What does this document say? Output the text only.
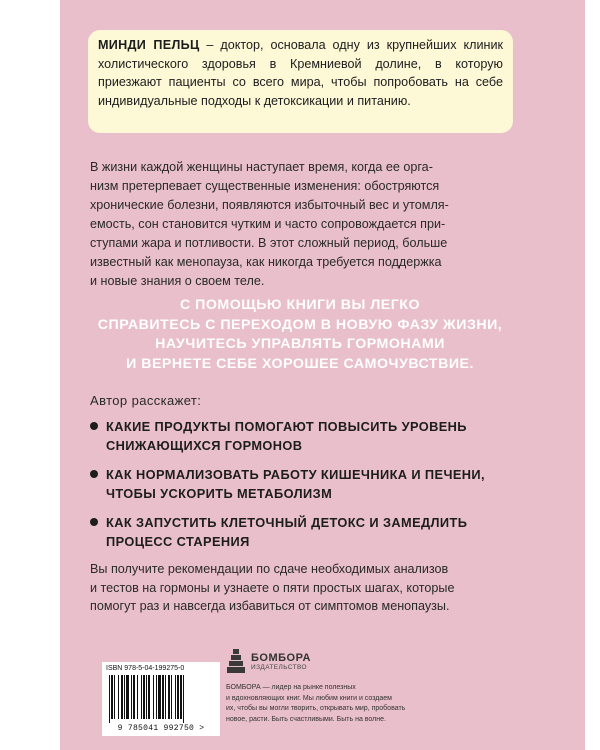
МИНДИ ПЕЛЬЦ – доктор, основала одну из крупнейших клиник холистического здоровья в Кремниевой долине, в которую приезжают пациенты со всего мира, чтобы попробовать на себе индивидуальные подходы к детоксикации и питанию.
В жизни каждой женщины наступает время, когда ее орга-
низм претерпевает существенные изменения: обостряются
хронические болезни, появляются избыточный вес и утомля-
емость, сон становится чутким и часто сопровождается при-
ступами жара и потливости. В этот сложный период, больше
известный как менопауза, как никогда требуется поддержка
и новые знания о своем теле.
С ПОМОЩЬЮ КНИГИ ВЫ ЛЕГКО
СПРАВИТЕСЬ С ПЕРЕХОДОМ В НОВУЮ ФАЗУ ЖИЗНИ,
НАУЧИТЕСЬ УПРАВЛЯТЬ ГОРМОНАМИ
И ВЕРНЕТЕ СЕБЕ ХОРОШЕЕ САМОЧУВСТВИЕ.
Автор расскажет:
КАКИЕ ПРОДУКТЫ ПОМОГАЮТ ПОВЫСИТЬ УРОВЕНЬ
СНИЖАЮЩИХСЯ ГОРМОНОВ
КАК НОРМАЛИЗОВАТЬ РАБОТУ КИШЕЧНИКА И ПЕЧЕНИ,
ЧТОБЫ УСКОРИТЬ МЕТАБОЛИЗМ
КАК ЗАПУСТИТЬ КЛЕТОЧНЫЙ ДЕТОКС И ЗАМЕДЛИТЬ
ПРОЦЕСС СТАРЕНИЯ
Вы получите рекомендации по сдаче необходимых анализов
и тестов на гормоны и узнаете о пяти простых шагах, которые
помогут раз и навсегда избавиться от симптомов менопаузы.
ISBN 978-5-04-199275-0
9 785041 992750 >
БОМБОРА
ИЗДАТЕЛЬСТВО
БОМБОРА — лидер на рынке полезных
и вдохновляющих книг. Мы любим книги и создаем
их, чтобы вы могли творить, открывать мир, пробовать
новое, расти. Быть счастливыми. Быть на волне.
